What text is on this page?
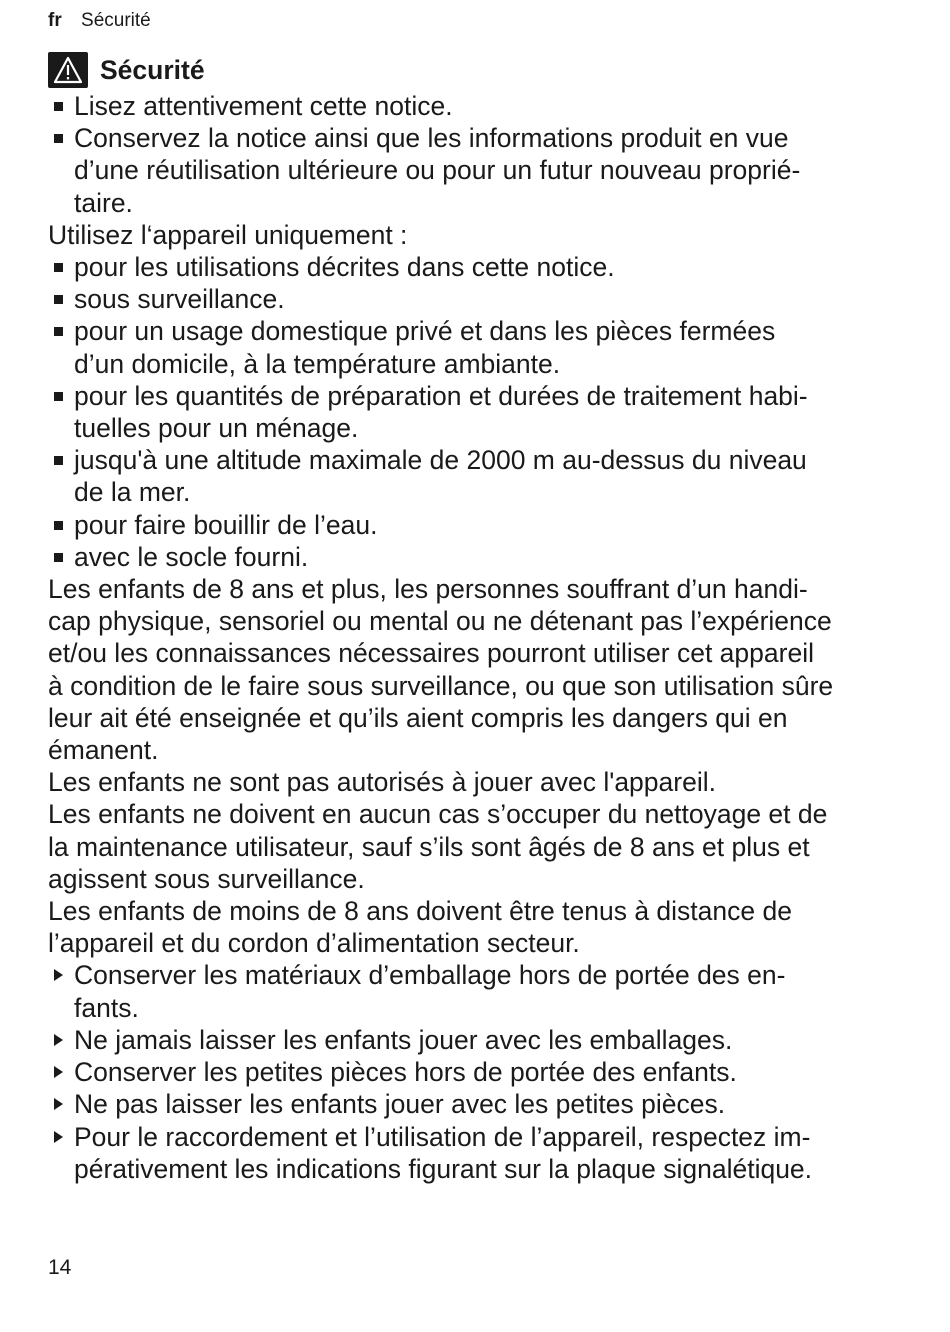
fr Sécurité
Sécurité
Lisez attentivement cette notice.
Conservez la notice ainsi que les informations produit en vue
d’une réutilisation ultérieure ou pour un futur nouveau proprié-
taire.
Utilisez l‘appareil uniquement :
pour les utilisations décrites dans cette notice.
sous surveillance.
pour un usage domestique privé et dans les pièces fermées
d’un domicile, à la température ambiante.
pour les quantités de préparation et durées de traitement habi-
tuelles pour un ménage.
jusqu'à une altitude maximale de 2000 m au-dessus du niveau
de la mer.
pour faire bouillir de l’eau.
avec le socle fourni.
Les enfants de 8 ans et plus, les personnes souffrant d’un handi-
cap physique, sensoriel ou mental ou ne détenant pas l’expérience
et/ou les connaissances nécessaires pourront utiliser cet appareil
à condition de le faire sous surveillance, ou que son utilisation sûre
leur ait été enseignée et qu’ils aient compris les dangers qui en
émanent.
Les enfants ne sont pas autorisés à jouer avec l'appareil.
Les enfants ne doivent en aucun cas s’occuper du nettoyage et de
la maintenance utilisateur, sauf s’ils sont âgés de 8 ans et plus et
agissent sous surveillance.
Les enfants de moins de 8 ans doivent être tenus à distance de
l’appareil et du cordon d’alimentation secteur.
Conserver les matériaux d’emballage hors de portée des en-
fants.
Ne jamais laisser les enfants jouer avec les emballages.
Conserver les petites pièces hors de portée des enfants.
Ne pas laisser les enfants jouer avec les petites pièces.
Pour le raccordement et l’utilisation de l’appareil, respectez im-
pérativement les indications figurant sur la plaque signalétique.
14
